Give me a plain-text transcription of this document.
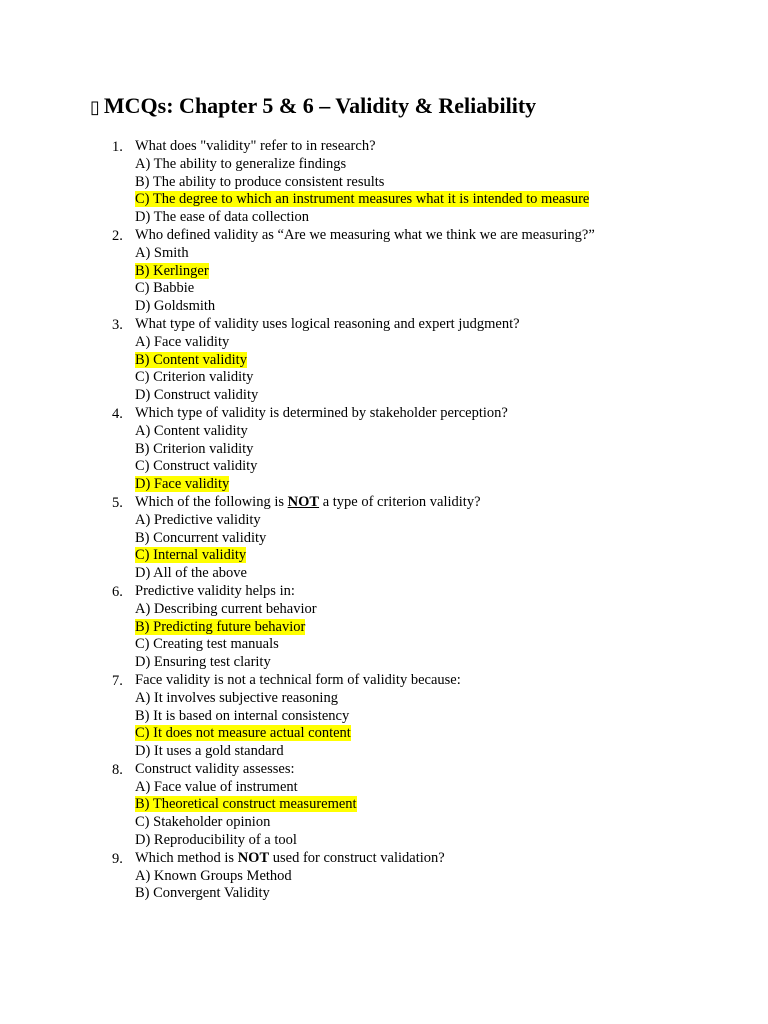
▯ MCQs: Chapter 5 & 6 – Validity & Reliability
1. What does "validity" refer to in research?
A) The ability to generalize findings
B) The ability to produce consistent results
C) The degree to which an instrument measures what it is intended to measure
D) The ease of data collection
2. Who defined validity as “Are we measuring what we think we are measuring?”
A) Smith
B) Kerlinger
C) Babbie
D) Goldsmith
3. What type of validity uses logical reasoning and expert judgment?
A) Face validity
B) Content validity
C) Criterion validity
D) Construct validity
4. Which type of validity is determined by stakeholder perception?
A) Content validity
B) Criterion validity
C) Construct validity
D) Face validity
5. Which of the following is NOT a type of criterion validity?
A) Predictive validity
B) Concurrent validity
C) Internal validity
D) All of the above
6. Predictive validity helps in:
A) Describing current behavior
B) Predicting future behavior
C) Creating test manuals
D) Ensuring test clarity
7. Face validity is not a technical form of validity because:
A) It involves subjective reasoning
B) It is based on internal consistency
C) It does not measure actual content
D) It uses a gold standard
8. Construct validity assesses:
A) Face value of instrument
B) Theoretical construct measurement
C) Stakeholder opinion
D) Reproducibility of a tool
9. Which method is NOT used for construct validation?
A) Known Groups Method
B) Convergent Validity
